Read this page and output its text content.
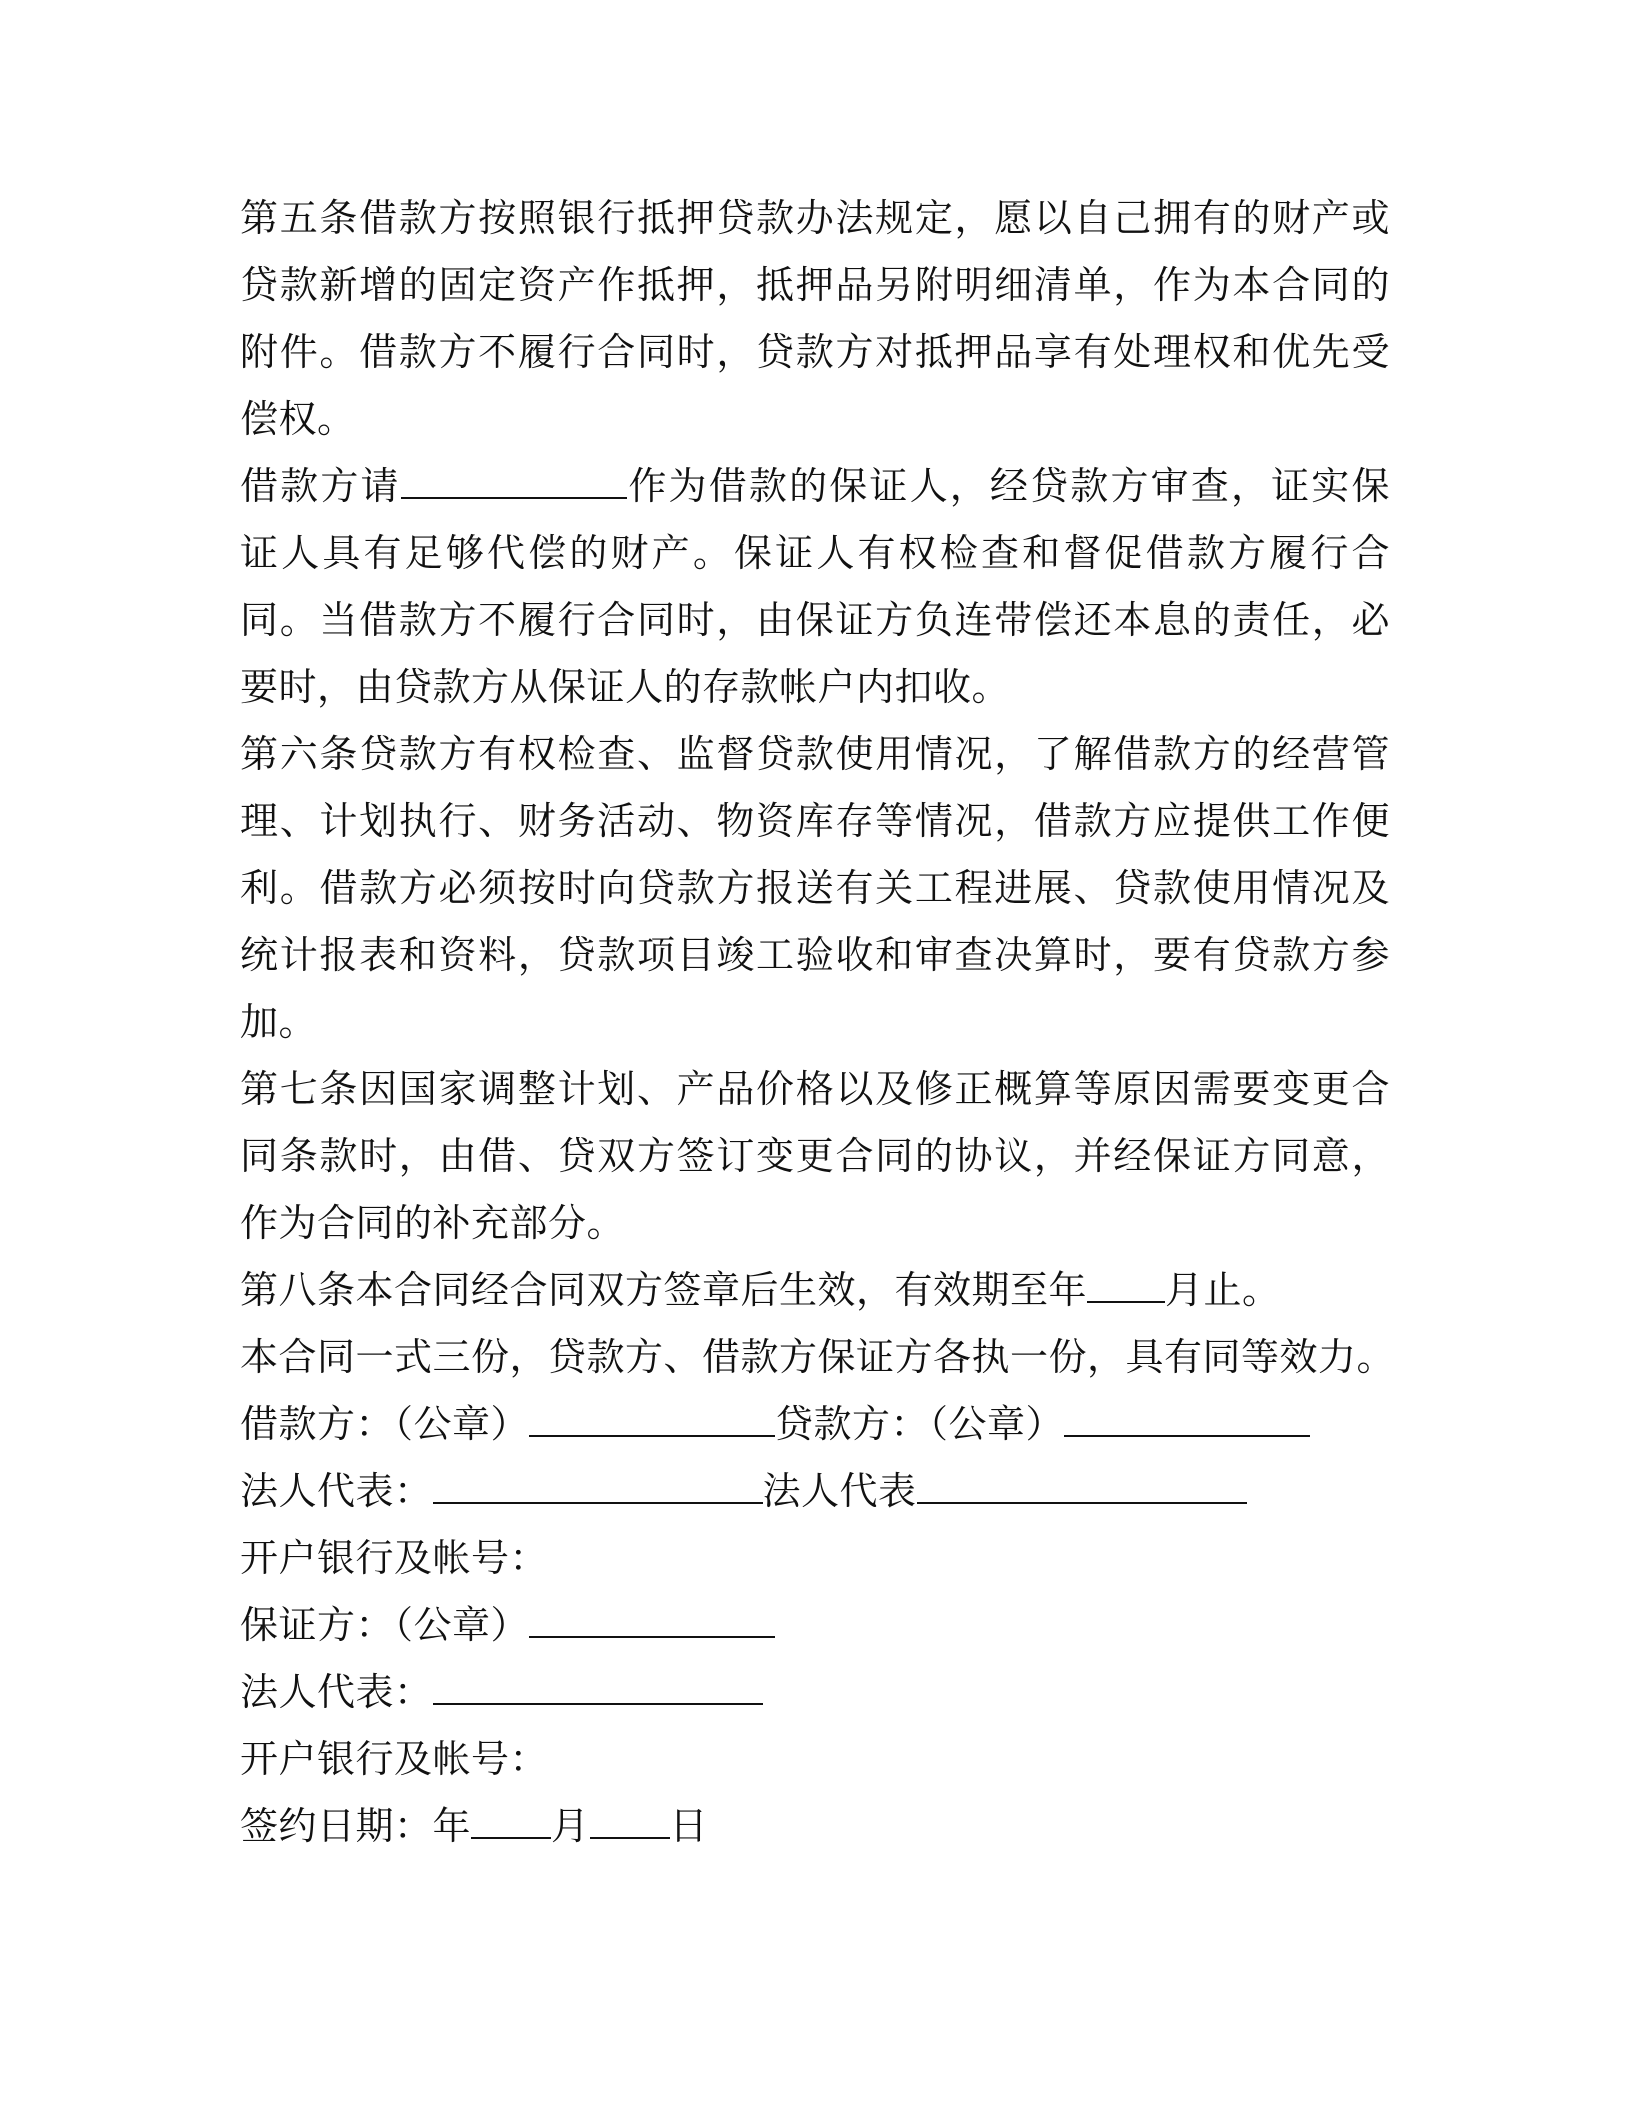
第五条借款方按照银行抵押贷款办法规定，愿以自己拥有的财产或贷款新增的固定资产作抵押，抵押品另附明细清单，作为本合同的附件。借款方不履行合同时，贷款方对抵押品享有处理权和优先受偿权。

借款方请	作为借款的保证人，经贷款方审查，证实保证人具有足够代偿的财产。保证人有权检查和督促借款方履行合同。当借款方不履行合同时，由保证方负连带偿还本息的责任，必要时，由贷款方从保证人的存款帐户内扣收。

第六条贷款方有权检查、监督贷款使用情况，了解借款方的经营管理、计划执行、财务活动、物资库存等情况，借款方应提供工作便利。借款方必须按时向贷款方报送有关工程进展、贷款使用情况及统计报表和资料，贷款项目竣工验收和审查决算时，要有贷款方参加。

第七条因国家调整计划、产品价格以及修正概算等原因需要变更合同条款时，由借、贷双方签订变更合同的协议，并经保证方同意，作为合同的补充部分。

第八条本合同经合同双方签章后生效，有效期至年 月止。

本合同一式三份，贷款方、借款方保证方各执一份，具有同等效力。

借款方：（公章）	贷款方：（公章）

法人代表：	法人代表

开户银行及帐号：

保证方：（公章）

法人代表：

开户银行及帐号：

签约日期：年 月 日
